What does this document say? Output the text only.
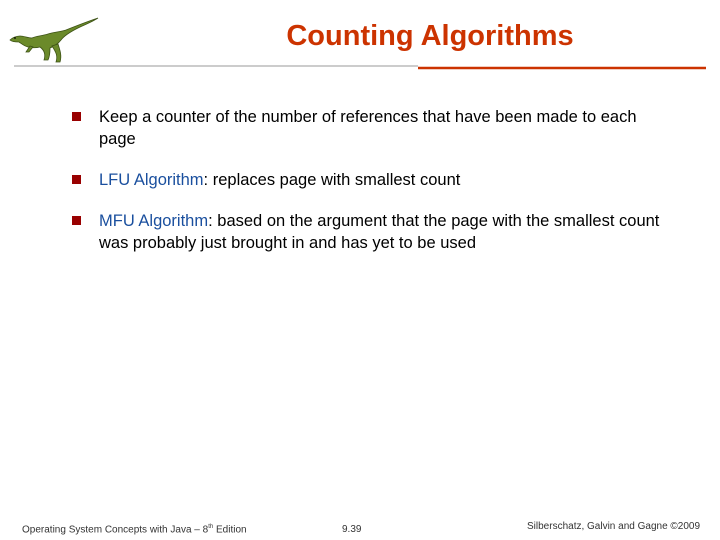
Counting Algorithms
Keep a counter of the number of references that have been made to each page
LFU Algorithm: replaces page with smallest count
MFU Algorithm: based on the argument that the page with the smallest count was probably just brought in and has yet to be used
Operating System Concepts with Java – 8th Edition	9.39	Silberschatz, Galvin and Gagne ©2009
